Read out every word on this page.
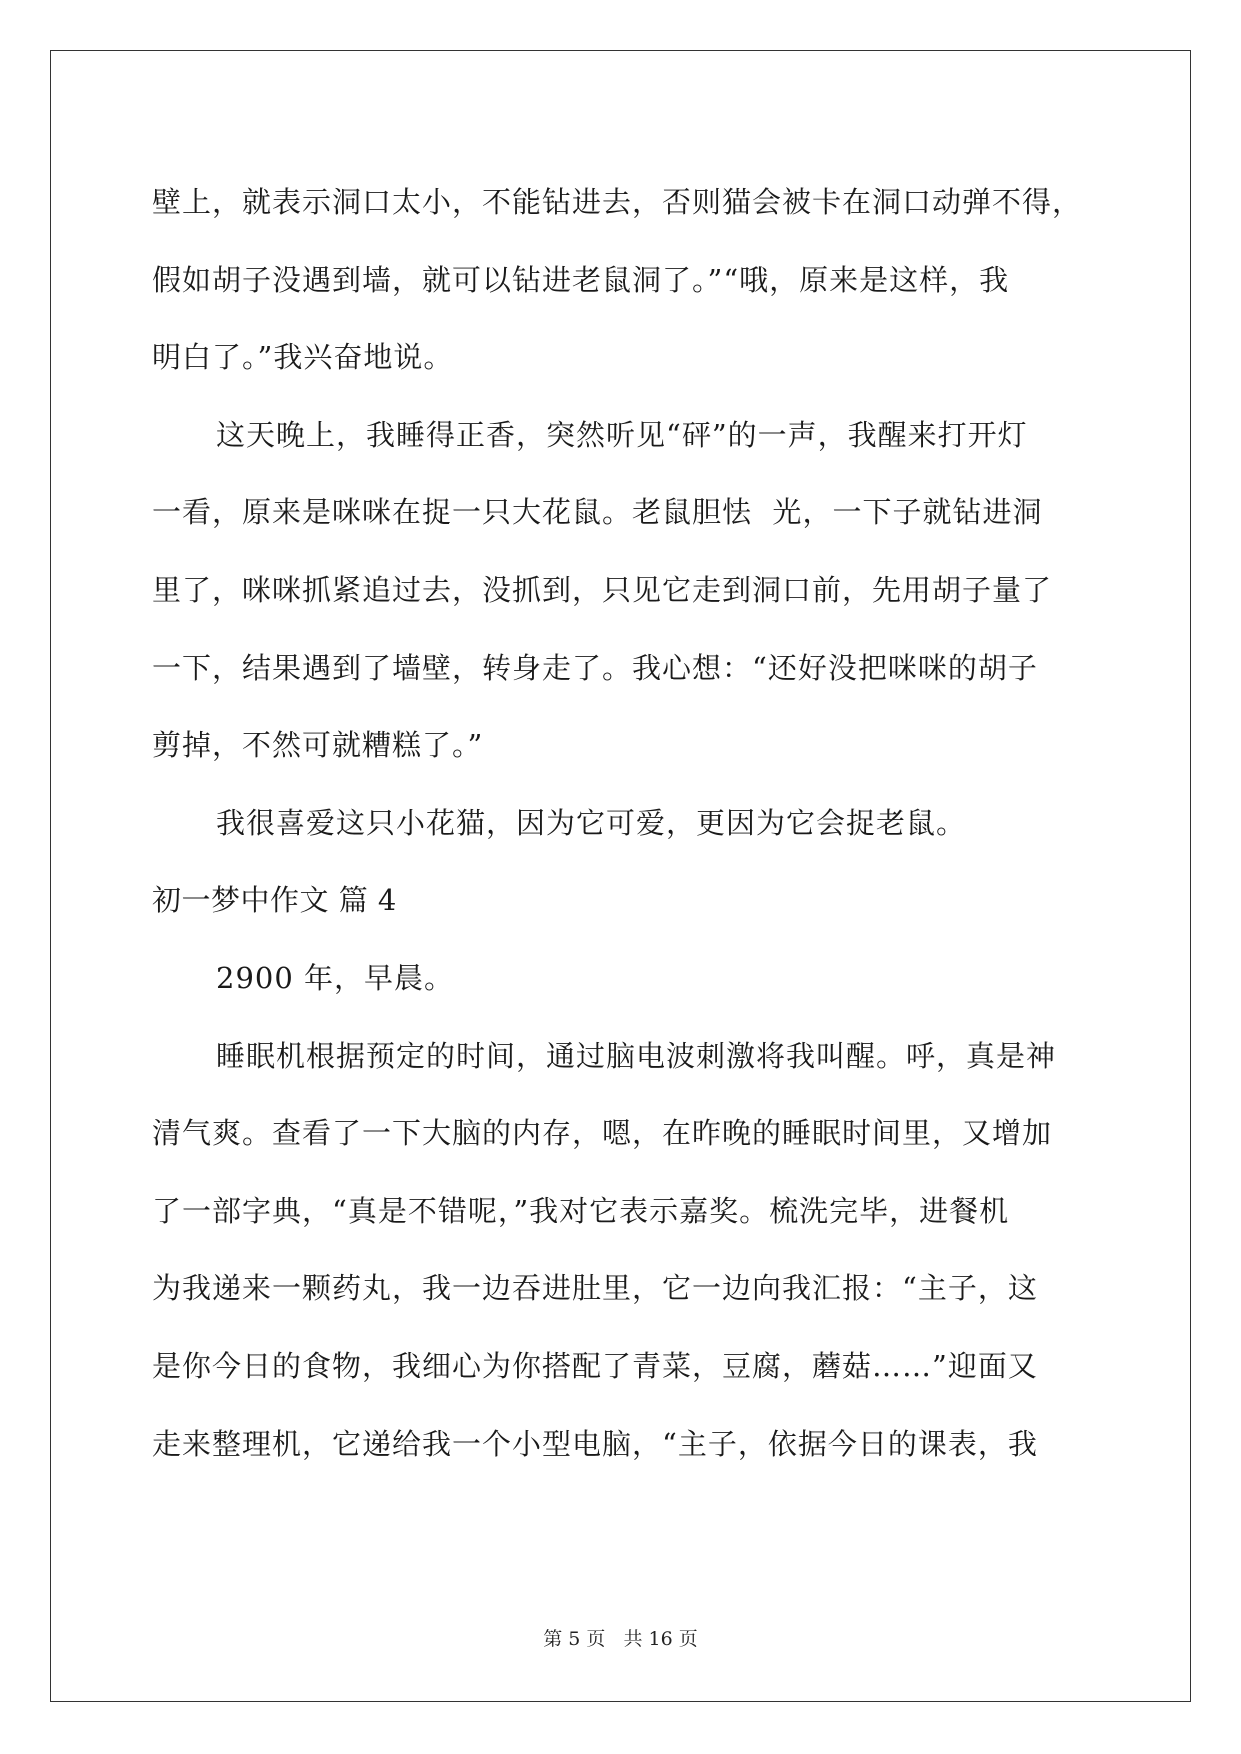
壁上，就表示洞口太小，不能钻进去，否则猫会被卡在洞口动弹不得，
假如胡子没遇到墙，就可以钻进老鼠洞了。”“哦，原来是这样，我
明白了。”我兴奋地说。
这天晚上，我睡得正香，突然听见“砰”的一声，我醒来打开灯
一看，原来是咪咪在捉一只大花鼠。老鼠胆怯  光，一下子就钻进洞
里了，咪咪抓紧追过去，没抓到，只见它走到洞口前，先用胡子量了
一下，结果遇到了墙壁，转身走了。我心想：“还好没把咪咪的胡子
剪掉，不然可就糟糕了。”
我很喜爱这只小花猫，因为它可爱，更因为它会捉老鼠。
初一梦中作文 篇 4
2900 年，早晨。
睡眠机根据预定的时间，通过脑电波刺激将我叫醒。呼，真是神
清气爽。查看了一下大脑的内存，嗯，在昨晚的睡眠时间里，又增加
了一部字典，“真是不错呢，”我对它表示嘉奖。梳洗完毕，进餐机
为我递来一颗药丸，我一边吞进肚里，它一边向我汇报：“主子，这
是你今日的食物，我细心为你搭配了青菜，豆腐，蘑菇……”迎面又
走来整理机，它递给我一个小型电脑，“主子，依据今日的课表，我
第 5 页   共 16 页
